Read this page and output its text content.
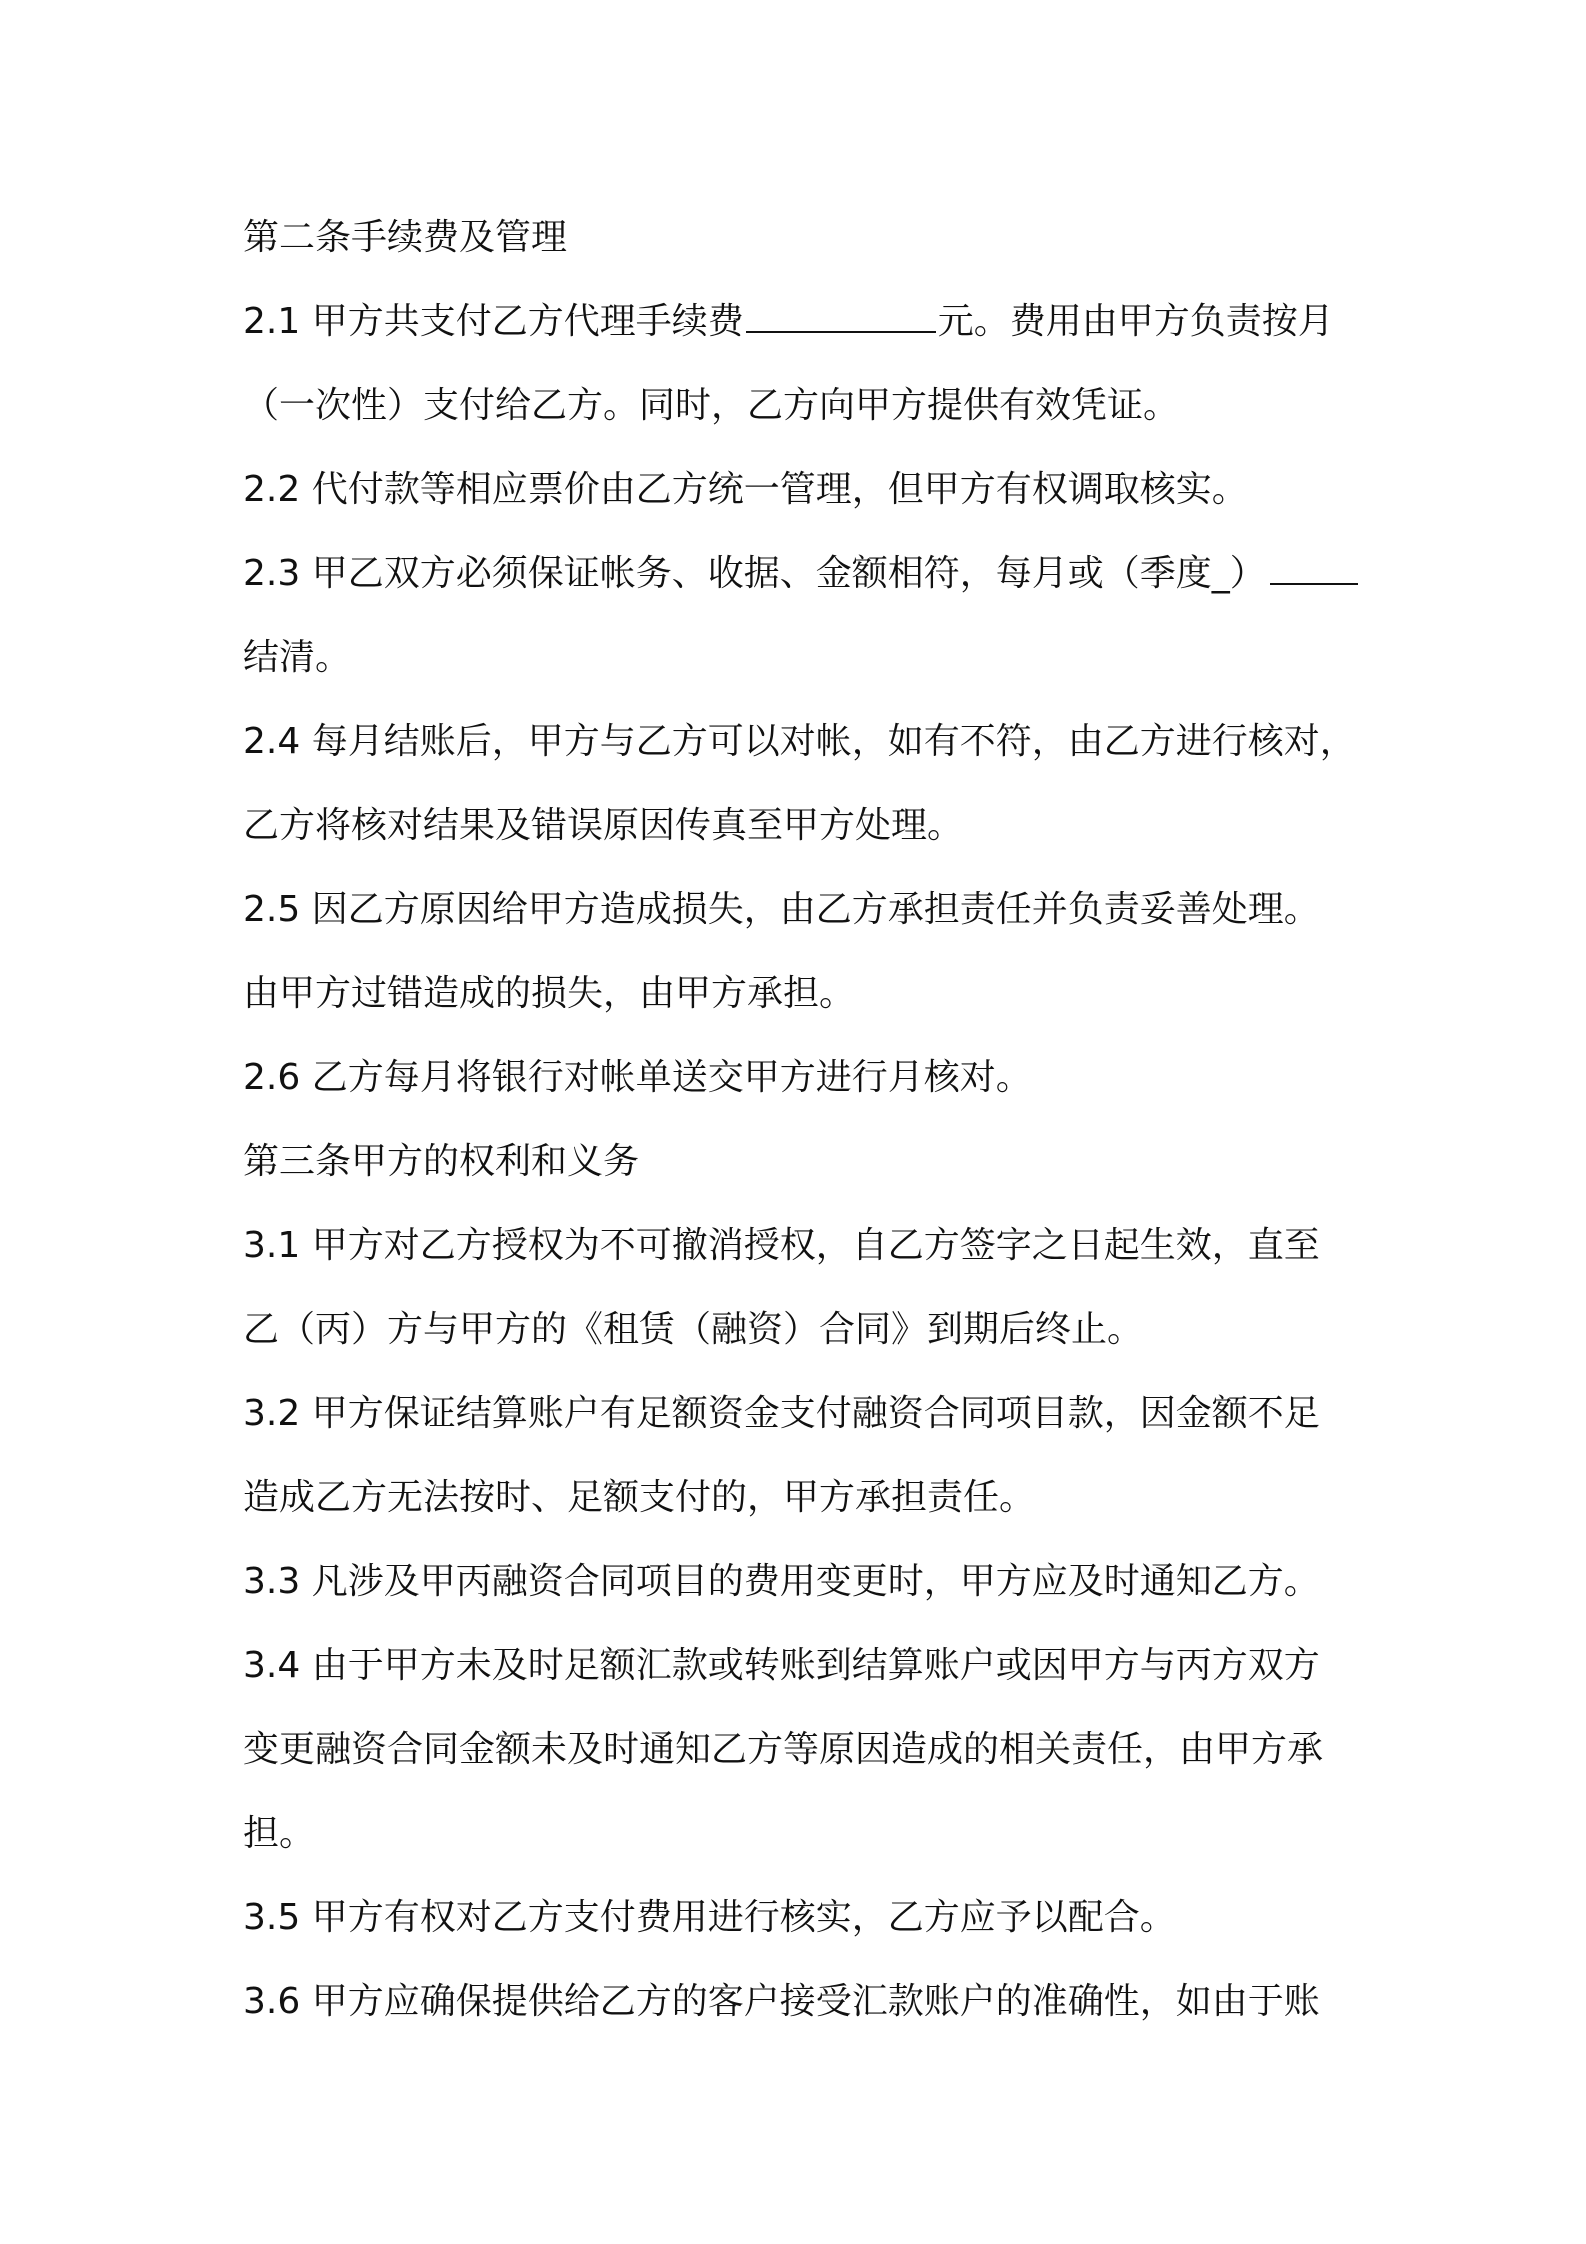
第二条手续费及管理
2.1 甲方共支付乙方代理手续费	元。费用由甲方负责按月
（一次性）支付给乙方。同时，乙方向甲方提供有效凭证。
2.2 代付款等相应票价由乙方统一管理，但甲方有权调取核实。
2.3 甲乙双方必须保证帐务、收据、金额相符，每月或（季度_）
结清。
2.4 每月结账后，甲方与乙方可以对帐，如有不符，由乙方进行核对，
乙方将核对结果及错误原因传真至甲方处理。
2.5 因乙方原因给甲方造成损失，由乙方承担责任并负责妥善处理。
由甲方过错造成的损失，由甲方承担。
2.6 乙方每月将银行对帐单送交甲方进行月核对。
第三条甲方的权利和义务
3.1 甲方对乙方授权为不可撤消授权，自乙方签字之日起生效，直至
乙（丙）方与甲方的《租赁（融资）合同》到期后终止。
3.2 甲方保证结算账户有足额资金支付融资合同项目款，因金额不足
造成乙方无法按时、足额支付的，甲方承担责任。
3.3 凡涉及甲丙融资合同项目的费用变更时，甲方应及时通知乙方。
3.4 由于甲方未及时足额汇款或转账到结算账户或因甲方与丙方双方
变更融资合同金额未及时通知乙方等原因造成的相关责任，由甲方承
担。
3.5 甲方有权对乙方支付费用进行核实，乙方应予以配合。
3.6 甲方应确保提供给乙方的客户接受汇款账户的准确性，如由于账
